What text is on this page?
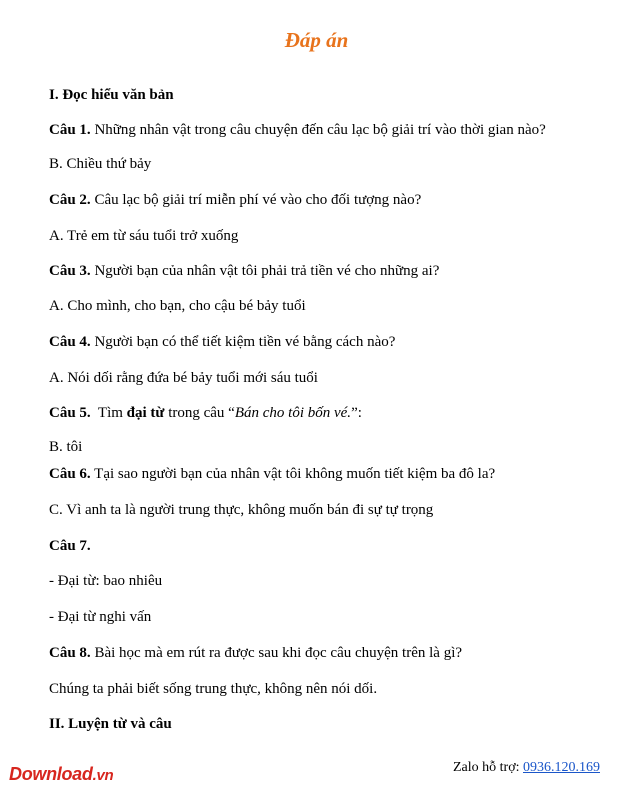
Đáp án
I. Đọc hiểu văn bản
Câu 1. Những nhân vật trong câu chuyện đến câu lạc bộ giải trí vào thời gian nào?
B. Chiều thứ bảy
Câu 2. Câu lạc bộ giải trí miễn phí vé vào cho đối tượng nào?
A. Trẻ em từ sáu tuổi trở xuống
Câu 3. Người bạn của nhân vật tôi phải trả tiền vé cho những ai?
A. Cho mình, cho bạn, cho cậu bé bảy tuổi
Câu 4. Người bạn có thể tiết kiệm tiền vé bằng cách nào?
A. Nói dối rằng đứa bé bảy tuổi mới sáu tuổi
Câu 5.  Tìm đại từ trong câu “Bán cho tôi bốn vé.”:
B. tôi
Câu 6. Tại sao người bạn của nhân vật tôi không muốn tiết kiệm ba đô la?
C. Vì anh ta là người trung thực, không muốn bán đi sự tự trọng
Câu 7.
- Đại từ: bao nhiêu
- Đại từ nghi vấn
Câu 8. Bài học mà em rút ra được sau khi đọc câu chuyện trên là gì?
Chúng ta phải biết sống trung thực, không nên nói dối.
II. Luyện từ và câu
Download.vn	Zalo hỗ trợ: 0936.120.169
